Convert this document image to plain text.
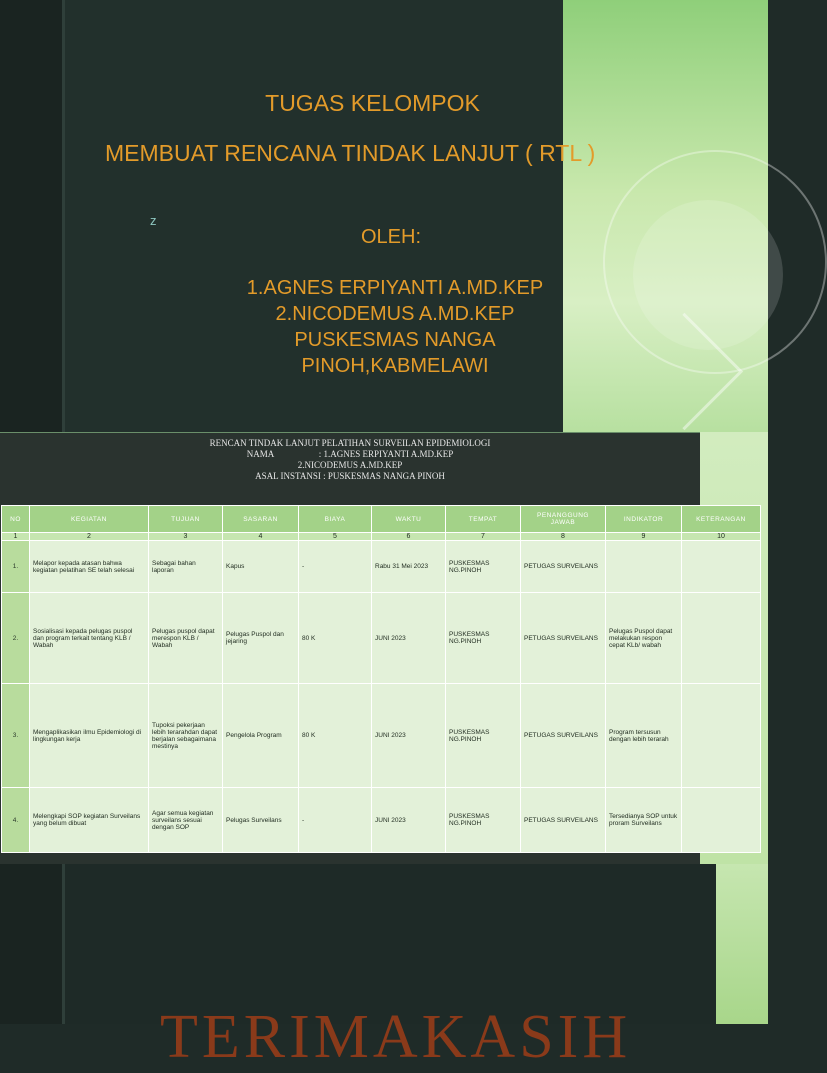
TUGAS KELOMPOK
MEMBUAT RENCANA TINDAK LANJUT ( RTL )
z
OLEH:
1.AGNES ERPIYANTI A.MD.KEP
2.NICODEMUS A.MD.KEP
PUSKESMAS NANGA
PINOH,KABMELAWI
RENCAN TINDAK LANJUT PELATIHAN SURVEILAN EPIDEMIOLOGI
NAMA                    : 1.AGNES ERPIYANTI A.MD.KEP
2.NICODEMUS A.MD.KEP
ASAL INSTANSI : PUSKESMAS NANGA PINOH
NO	KEGIATAN	TUJUAN	SASARAN	BIAYA	WAKTU	TEMPAT	PENANGGUNG JAWAB	INDIKATOR	KETERANGAN
1	2	3	4	5	6	7	8	9	10
1.	Melapor kepada atasan bahwa kegiatan pelatihan SE telah selesai	Sebagai bahan laporan	Kapus	-	Rabu 31 Mei 2023	PUSKESMAS NG.PINOH	PETUGAS SURVEILANS		
2.	Sosialisasi kepada pelugas puspol dan program terkait tentang KLB / Wabah	Pelugas puspol dapat merespon KLB / Wabah	Pelugas Puspol dan jejaring	80 K	JUNI 2023	PUSKESMAS NG.PINOH	PETUGAS SURVEILANS	Pelugas Puspol dapat melakukan respon cepat KLb/ wabah	
3.	Mengaplikasikan ilmu Epidemiologi di lingkungan kerja	Tupoksi pekerjaan lebih terarahdan dapat berjalan sebagaimana mestinya	Pengelola Program	80 K	JUNI 2023	PUSKESMAS NG.PINOH	PETUGAS SURVEILANS	Program tersusun dengan lebih terarah	
4.	Melengkapi SOP kegiatan Surveilans yang belum dibuat	Agar semua kegiatan surveilans sesuai dengan SOP	Pelugas Surveilans	-	JUNI 2023	PUSKESMAS NG.PINOH	PETUGAS SURVEILANS	Tersedianya SOP untuk proram Surveilans	
TERIMAKASIH
